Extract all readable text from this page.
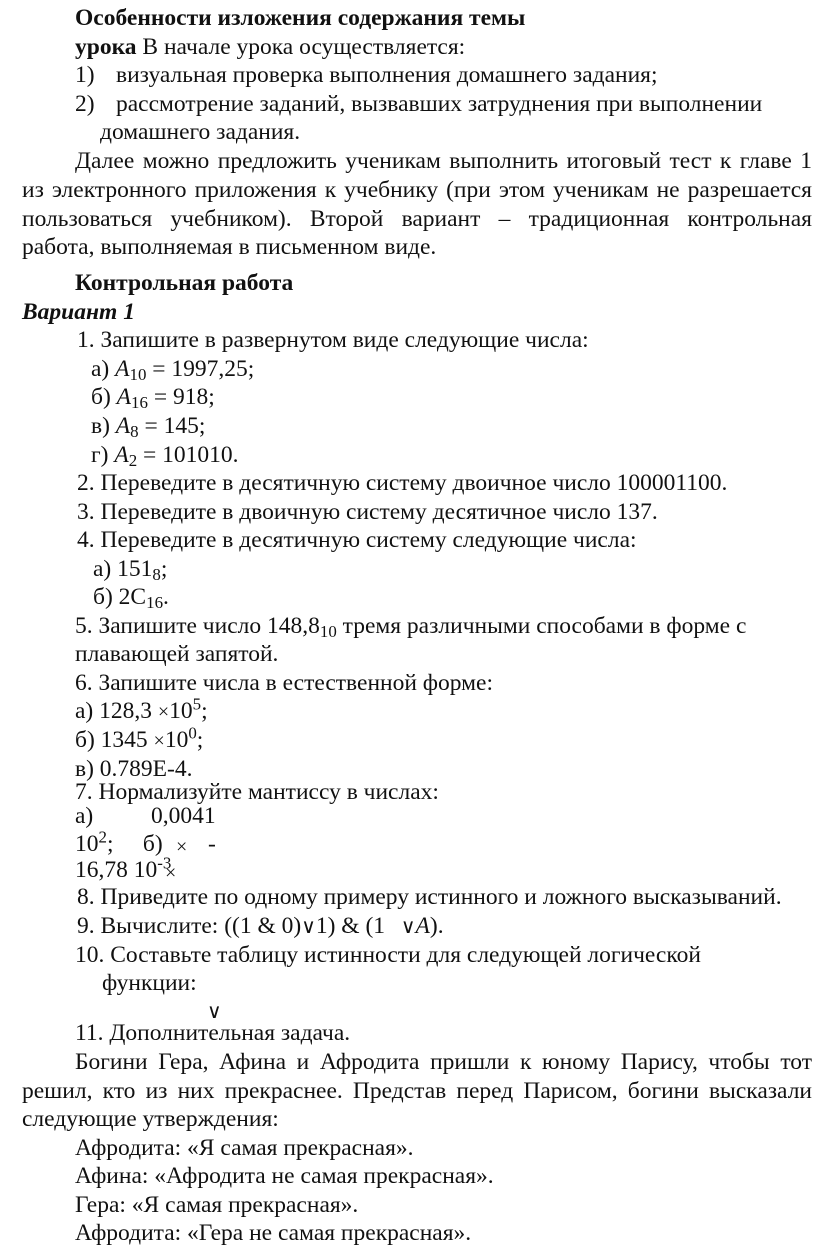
Особенности изложения содержания темы
урока В начале урока осуществляется:
1) визуальная проверка выполнения домашнего задания;
2) рассмотрение заданий, вызвавших затруднения при выполнении
домашнего задания.
Далее можно предложить ученикам выполнить итоговый тест к главе 1
из электронного приложения к учебнику (при этом ученикам не разрешается
пользоваться учебником). Второй вариант – традиционная контрольная
работа, выполняемая в письменном виде.
Контрольная работа
Вариант 1
1. Запишите в развернутом виде следующие числа:
а) $A_{10} = 1997,25$;
б) $A_{16} = 918$;
в) $A_8 = 145$;
г) $A_2 = 101010$.
2. Переведите в десятичную систему двоичное число 100001100.
3. Переведите в двоичную систему десятичное число 137.
4. Переведите в десятичную систему следующие числа:
а) $151_8$;
б) $2С_{16}$.
5. Запишите число $148,8_{10}$ тремя различными способами в форме с
плавающей запятой.
6. Запишите числа в естественной форме:
а) $128,3 \times 10^5$;
б) $1345 \times 10^0$;
в) 0.789E-4.
7. Нормализуйте мантиссу в числах:
а) 0,0041
$10^2$;     б) × -
16,78 $10^{-3}$
×
8. Приведите по одному примеру истинного и ложного высказываний.
9. Вычислите: ((1 & 0)∨1) & (1 ∨A).
10. Составьте таблицу истинности для следующей логической
функции:
∨
11. Дополнительная задача.
Богини Гера, Афина и Афродита пришли к юному Парису, чтобы тот
решил, кто из них прекраснее. Представ перед Парисом, богини высказали
следующие утверждения:
Афродита: «Я самая прекрасная».
Афина: «Афродита не самая прекрасная».
Гера: «Я самая прекрасная».
Афродита: «Гера не самая прекрасная».
